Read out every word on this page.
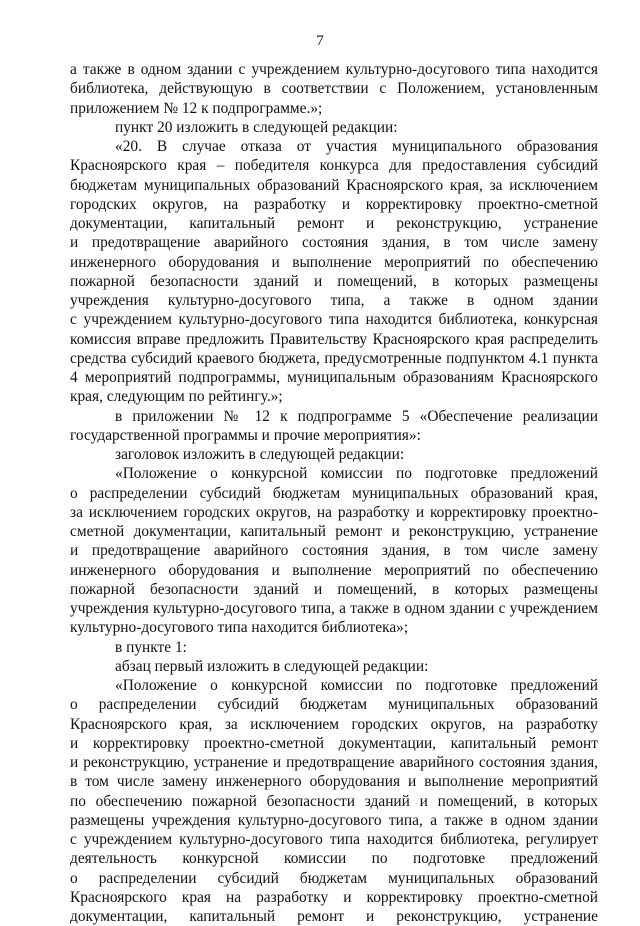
7
а также в одном здании с учреждением культурно-досугового типа находится
библиотека, действующую в соответствии с Положением, установленным
приложением № 12 к подпрограмме.»;
пункт 20 изложить в следующей редакции:
«20. В случае отказа от участия муниципального образования
Красноярского края – победителя конкурса для предоставления субсидий
бюджетам муниципальных образований Красноярского края, за исключением
городских округов, на разработку и корректировку проектно-сметной
документации, капитальный ремонт и реконструкцию, устранение
и предотвращение аварийного состояния здания, в том числе замену
инженерного оборудования и выполнение мероприятий по обеспечению
пожарной безопасности зданий и помещений, в которых размещены
учреждения культурно-досугового типа, а также в одном здании
с учреждением культурно-досугового типа находится библиотека, конкурсная
комиссия вправе предложить Правительству Красноярского края распределить
средства субсидий краевого бюджета, предусмотренные подпунктом 4.1 пункта
4 мероприятий подпрограммы, муниципальным образованиям Красноярского
края, следующим по рейтингу.»;
в приложении № 12 к подпрограмме 5 «Обеспечение реализации
государственной программы и прочие мероприятия»:
заголовок изложить в следующей редакции:
«Положение о конкурсной комиссии по подготовке предложений
о распределении субсидий бюджетам муниципальных образований края,
за исключением городских округов, на разработку и корректировку проектно-
сметной документации, капитальный ремонт и реконструкцию, устранение
и предотвращение аварийного состояния здания, в том числе замену
инженерного оборудования и выполнение мероприятий по обеспечению
пожарной безопасности зданий и помещений, в которых размещены
учреждения культурно-досугового типа, а также в одном здании с учреждением
культурно-досугового типа находится библиотека»;
в пункте 1:
абзац первый изложить в следующей редакции:
«Положение о конкурсной комиссии по подготовке предложений
о распределении субсидий бюджетам муниципальных образований
Красноярского края, за исключением городских округов, на разработку
и корректировку проектно-сметной документации, капитальный ремонт
и реконструкцию, устранение и предотвращение аварийного состояния здания,
в том числе замену инженерного оборудования и выполнение мероприятий
по обеспечению пожарной безопасности зданий и помещений, в которых
размещены учреждения культурно-досугового типа, а также в одном здании
с учреждением культурно-досугового типа находится библиотека, регулирует
деятельность конкурсной комиссии по подготовке предложений
о распределении субсидий бюджетам муниципальных образований
Красноярского края на разработку и корректировку проектно-сметной
документации, капитальный ремонт и реконструкцию, устранение
